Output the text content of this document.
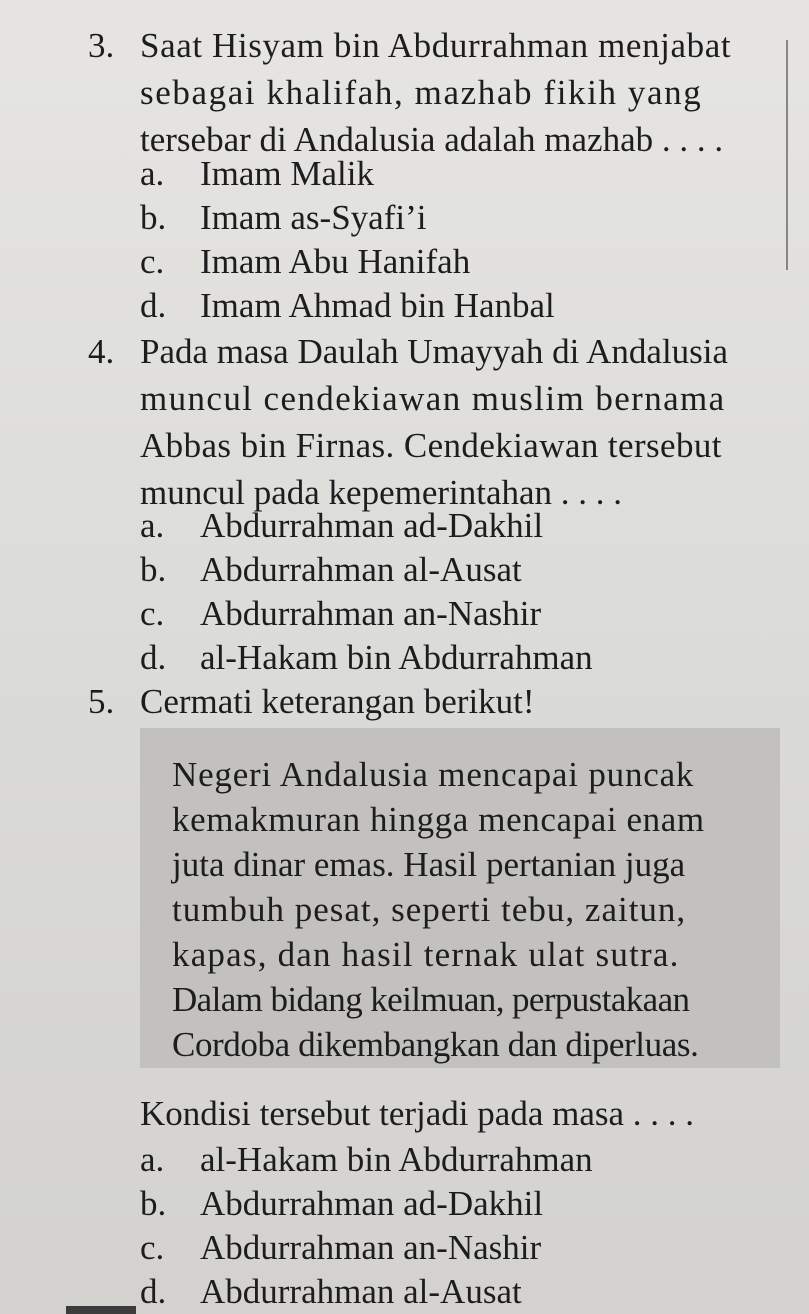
3. Saat Hisyam bin Abdurrahman menjabat
sebagai khalifah, mazhab fikih yang
tersebar di Andalusia adalah mazhab . . . .
a. Imam Malik
b. Imam as-Syafi’i
c. Imam Abu Hanifah
d. Imam Ahmad bin Hanbal
4. Pada masa Daulah Umayyah di Andalusia
muncul cendekiawan muslim bernama
Abbas bin Firnas. Cendekiawan tersebut
muncul pada kepemerintahan . . . .
a. Abdurrahman ad-Dakhil
b. Abdurrahman al-Ausat
c. Abdurrahman an-Nashir
d. al-Hakam bin Abdurrahman
5. Cermati keterangan berikut!
Negeri Andalusia mencapai puncak
kemakmuran hingga mencapai enam
juta dinar emas. Hasil pertanian juga
tumbuh pesat, seperti tebu, zaitun,
kapas, dan hasil ternak ulat sutra.
Dalam bidang keilmuan, perpustakaan
Cordoba dikembangkan dan diperluas.
Kondisi tersebut terjadi pada masa . . . .
a. al-Hakam bin Abdurrahman
b. Abdurrahman ad-Dakhil
c. Abdurrahman an-Nashir
d. Abdurrahman al-Ausat
